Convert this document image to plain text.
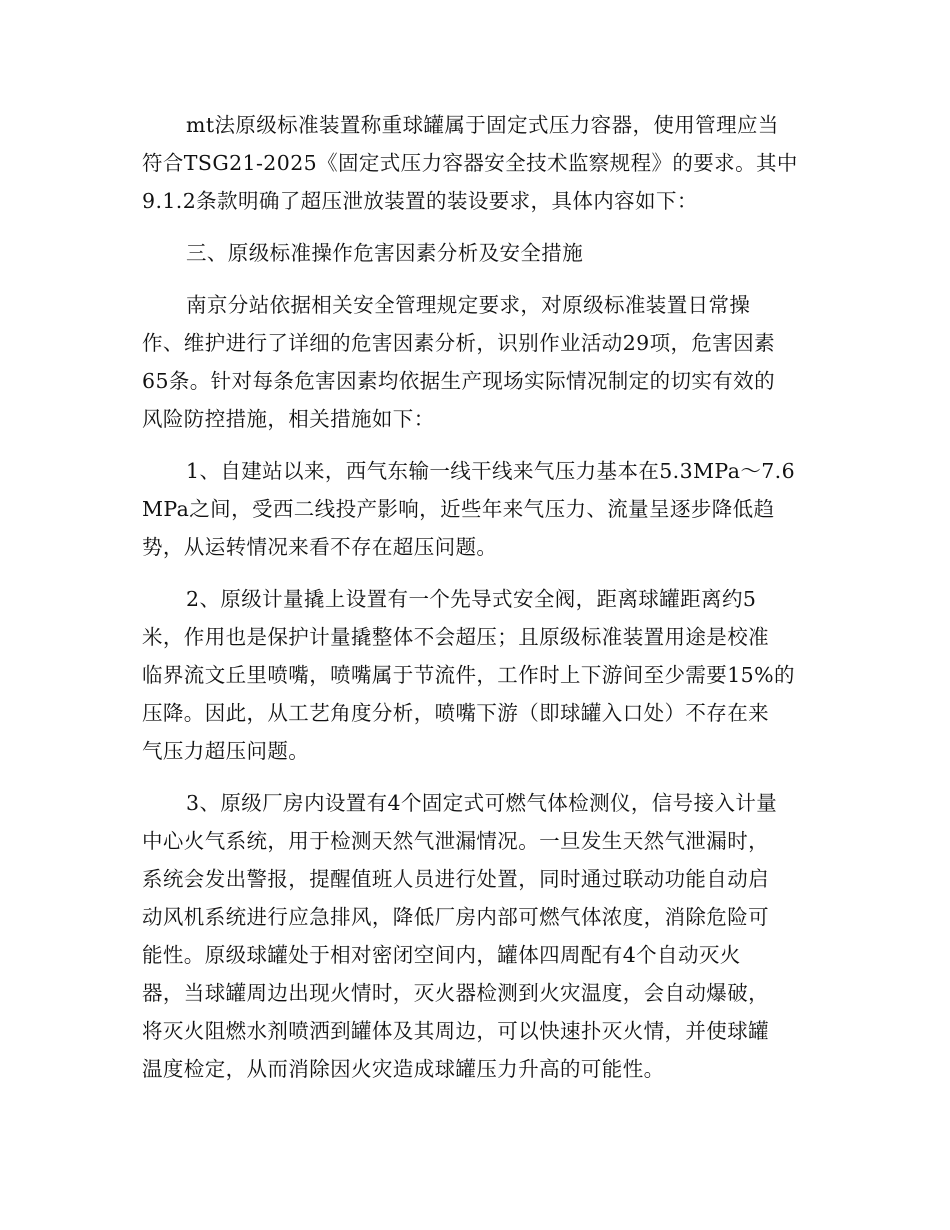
mt法原级标准装置称重球罐属于固定式压力容器，使用管理应当
符合TSG21-2025《固定式压力容器安全技术监察规程》的要求。其中
9.1.2条款明确了超压泄放装置的装设要求，具体内容如下：
三、原级标准操作危害因素分析及安全措施
南京分站依据相关安全管理规定要求，对原级标准装置日常操
作、维护进行了详细的危害因素分析，识别作业活动29项，危害因素
65条。针对每条危害因素均依据生产现场实际情况制定的切实有效的
风险防控措施，相关措施如下：
1、自建站以来，西气东输一线干线来气压力基本在5.3MPa～7.6
MPa之间，受西二线投产影响，近些年来气压力、流量呈逐步降低趋
势，从运转情况来看不存在超压问题。
2、原级计量撬上设置有一个先导式安全阀，距离球罐距离约5
米，作用也是保护计量撬整体不会超压；且原级标准装置用途是校准
临界流文丘里喷嘴，喷嘴属于节流件，工作时上下游间至少需要15%的
压降。因此，从工艺角度分析，喷嘴下游（即球罐入口处）不存在来
气压力超压问题。
3、原级厂房内设置有4个固定式可燃气体检测仪，信号接入计量
中心火气系统，用于检测天然气泄漏情况。一旦发生天然气泄漏时，
系统会发出警报，提醒值班人员进行处置，同时通过联动功能自动启
动风机系统进行应急排风，降低厂房内部可燃气体浓度，消除危险可
能性。原级球罐处于相对密闭空间内，罐体四周配有4个自动灭火
器，当球罐周边出现火情时，灭火器检测到火灾温度，会自动爆破，
将灭火阻燃水剂喷洒到罐体及其周边，可以快速扑灭火情，并使球罐
温度检定，从而消除因火灾造成球罐压力升高的可能性。
